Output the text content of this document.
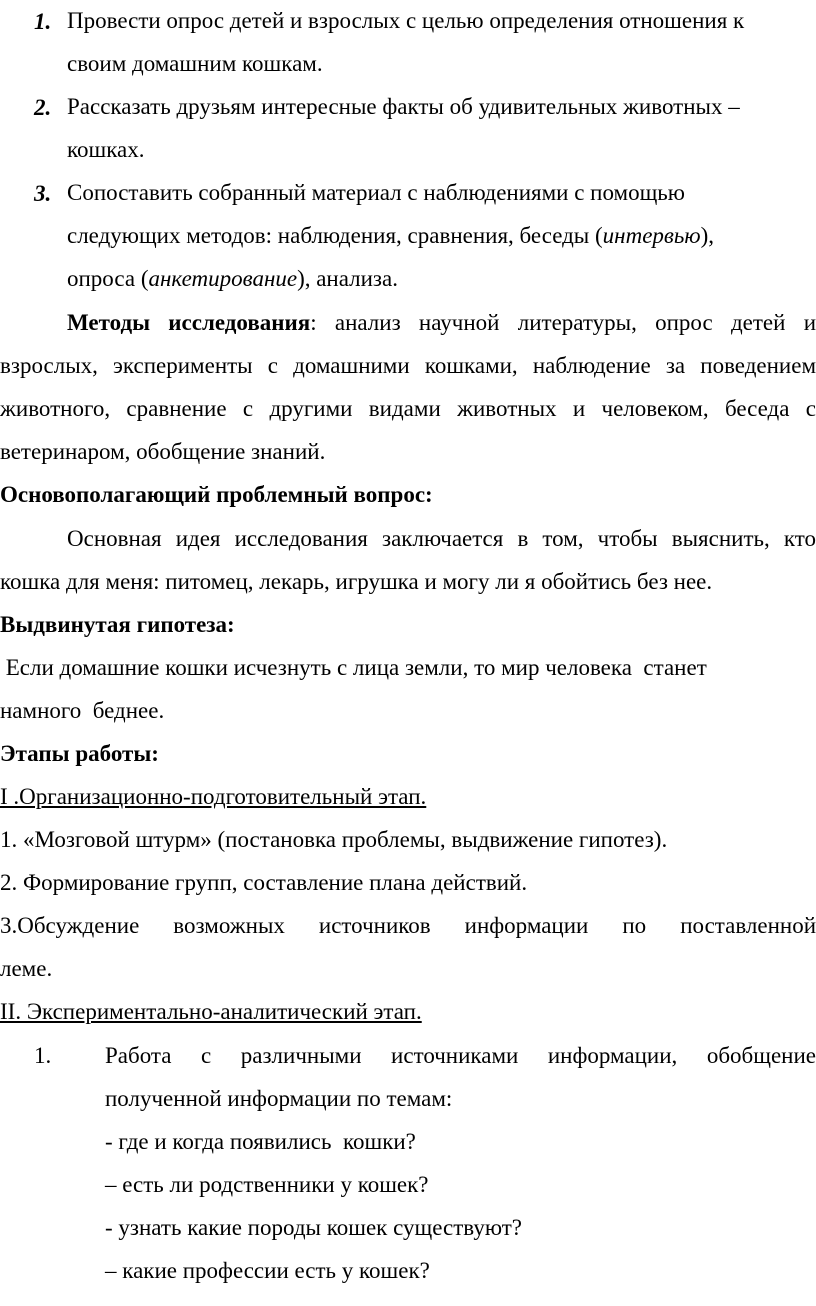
1. Провести опрос детей и взрослых с целью определения отношения к
своим домашним кошкам.
2. Рассказать друзьям интересные факты об удивительных животных –
кошках.
3. Сопоставить собранный материал с наблюдениями с помощью
следующих методов: наблюдения, сравнения, беседы (интервью),
опроса (анкетирование), анализа.
Методы исследования: анализ научной литературы, опрос детей и
взрослых, эксперименты с домашними кошками, наблюдение за поведением
животного, сравнение с другими видами животных и человеком, беседа с
ветеринаром, обобщение знаний.
Основополагающий проблемный вопрос:
Основная идея исследования заключается в том, чтобы выяснить, кто
кошка для меня: питомец, лекарь, игрушка и могу ли я обойтись без нее.
Выдвинутая гипотеза:
Если домашние кошки исчезнуть с лица земли, то мир человека  станет
намного  беднее.
Этапы работы:
I .Организационно-подготовительный этап.
1. «Мозговой штурм» (постановка проблемы, выдвижение гипотез).
2. Формирование групп, составление плана действий.
3.Обсуждение возможных источников информации по поставленной
леме.
II. Экспериментально-аналитический этап.
1. Работа с различными источниками информации, обобщение
полученной информации по темам:
- где и когда появились  кошки?
– есть ли родственники у кошек?
- узнать какие породы кошек существуют?
– какие профессии есть у кошек?
